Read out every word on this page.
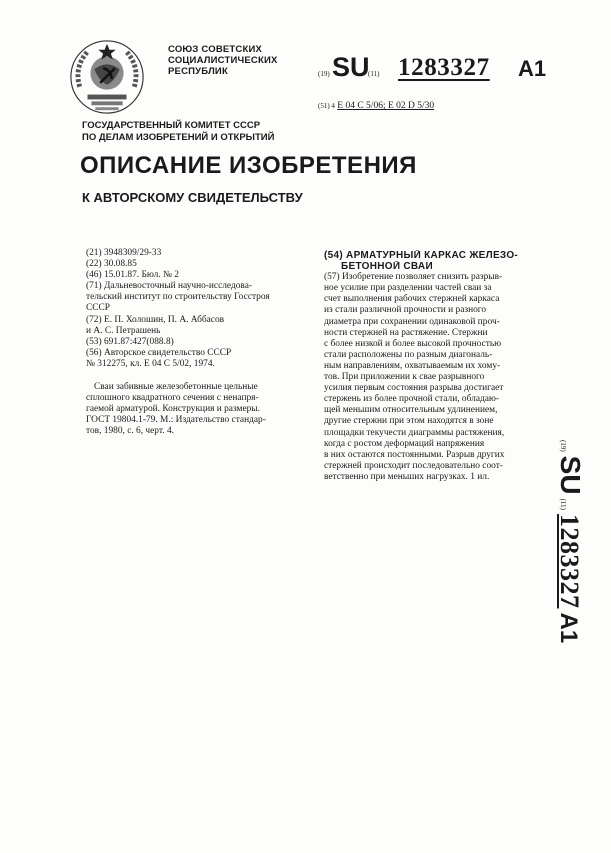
СОЮЗ СОВЕТСКИХ
СОЦИАЛИСТИЧЕСКИХ
РЕСПУБЛИК	(19) SU
(11) 1283327 A1
(51) 4 E 04 C 5/06; E 02 D 5/30
ГОСУДАРСТВЕННЫЙ КОМИТЕТ СССР
ПО ДЕЛАМ ИЗОБРЕТЕНИЙ И ОТКРЫТИЙ
ОПИСАНИЕ ИЗОБРЕТЕНИЯ
К АВТОРСКОМУ СВИДЕТЕЛЬСТВУ
(21) 3948309/29-33
(22) 30.08.85
(46) 15.01.87. Бюл. № 2
(71) Дальневосточный научно-исследова-
тельский институт по строительству Госстроя
СССР
(72) Е. П. Холошин, П. А. Аббасов
и А. С. Петрашень
(53) 691.87:427(088.8)
(56) Авторское свидетельство СССР
№ 312275, кл. Е 04 С 5/02, 1974.
Сваи забивные железобетонные цельные
сплошного квадратного сечения с ненапря-
гаемой арматурой. Конструкция и размеры.
ГОСТ 19804.1-79. М.: Издательство стандар-
тов, 1980, с. 6, черт. 4.
(54) АРМАТУРНЫЙ КАРКАС ЖЕЛЕЗО-
БЕТОННОЙ СВАИ
(57) Изобретение позволяет снизить разрыв-
ное усилие при разделении частей сваи за
счет выполнения рабочих стержней каркаса
из стали различной прочности и разного
диаметра при сохранении одинаковой проч-
ности стержней на растяжение. Стержни
с более низкой и более высокой прочностью
стали расположены по разным диагональ-
ным направлениям, охватываемым их хому-
тов. При приложении к сваe разрывного
усилия первым состояния разрыва достигает
стержень из более прочной стали, обладаю-
щей меньшим относительным удлинением,
другие стержни при этом находятся в зоне
площадки текучести диаграммы растяжения,
когда с ростом деформаций напряжения
в них остаются постоянными. Разрыв других
стержней происходит последовательно соот-
ветственно при меньших нагрузках. 1 ил.
(19) SU (11) 1283327 A1
